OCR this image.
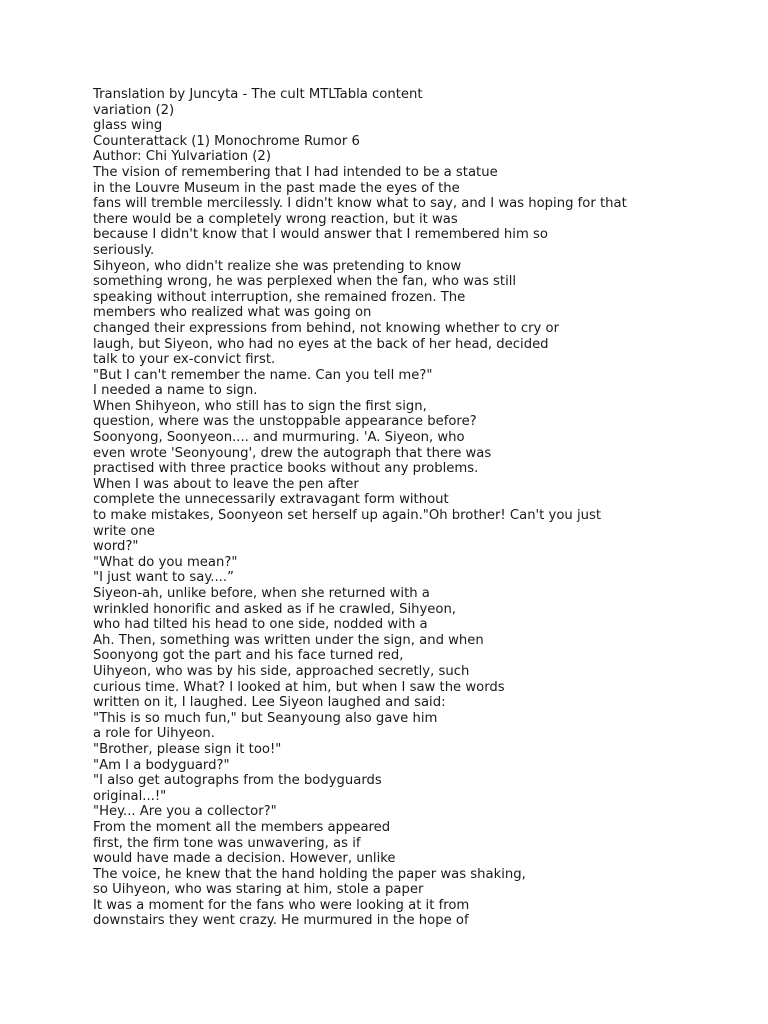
Translation by Juncyta - The cult MTLTabla content
variation (2)
glass wing
Counterattack (1) Monochrome Rumor 6
Author: Chi Yulvariation (2)
The vision of remembering that I had intended to be a statue
in the Louvre Museum in the past made the eyes of the
fans will tremble mercilessly. I didn't know what to say, and I was hoping for that
there would be a completely wrong reaction, but it was
because I didn't know that I would answer that I remembered him so
seriously.
Sihyeon, who didn't realize she was pretending to know
something wrong, he was perplexed when the fan, who was still
speaking without interruption, she remained frozen. The
members who realized what was going on
changed their expressions from behind, not knowing whether to cry or
laugh, but Siyeon, who had no eyes at the back of her head, decided
talk to your ex-convict first.
"But I can't remember the name. Can you tell me?"
I needed a name to sign.
When Shihyeon, who still has to sign the first sign,
question, where was the unstoppable appearance before?
Soonyong, Soonyeon.... and murmuring. 'A. Siyeon, who
even wrote 'Seonyoung', drew the autograph that there was
practised with three practice books without any problems.
When I was about to leave the pen after
complete the unnecessarily extravagant form without
to make mistakes, Soonyeon set herself up again."Oh brother! Can't you just
write one
word?"
"What do you mean?"
"I just want to say....”
Siyeon-ah, unlike before, when she returned with a
wrinkled honorific and asked as if he crawled, Sihyeon,
who had tilted his head to one side, nodded with a
Ah. Then, something was written under the sign, and when
Soonyong got the part and his face turned red,
Uihyeon, who was by his side, approached secretly, such
curious time. What? I looked at him, but when I saw the words
written on it, I laughed. Lee Siyeon laughed and said:
"This is so much fun," but Seanyoung also gave him
a role for Uihyeon.
"Brother, please sign it too!"
"Am I a bodyguard?"
"I also get autographs from the bodyguards
original...!"
"Hey... Are you a collector?"
From the moment all the members appeared
first, the firm tone was unwavering, as if
would have made a decision. However, unlike
The voice, he knew that the hand holding the paper was shaking,
so Uihyeon, who was staring at him, stole a paper
It was a moment for the fans who were looking at it from
downstairs they went crazy. He murmured in the hope of
